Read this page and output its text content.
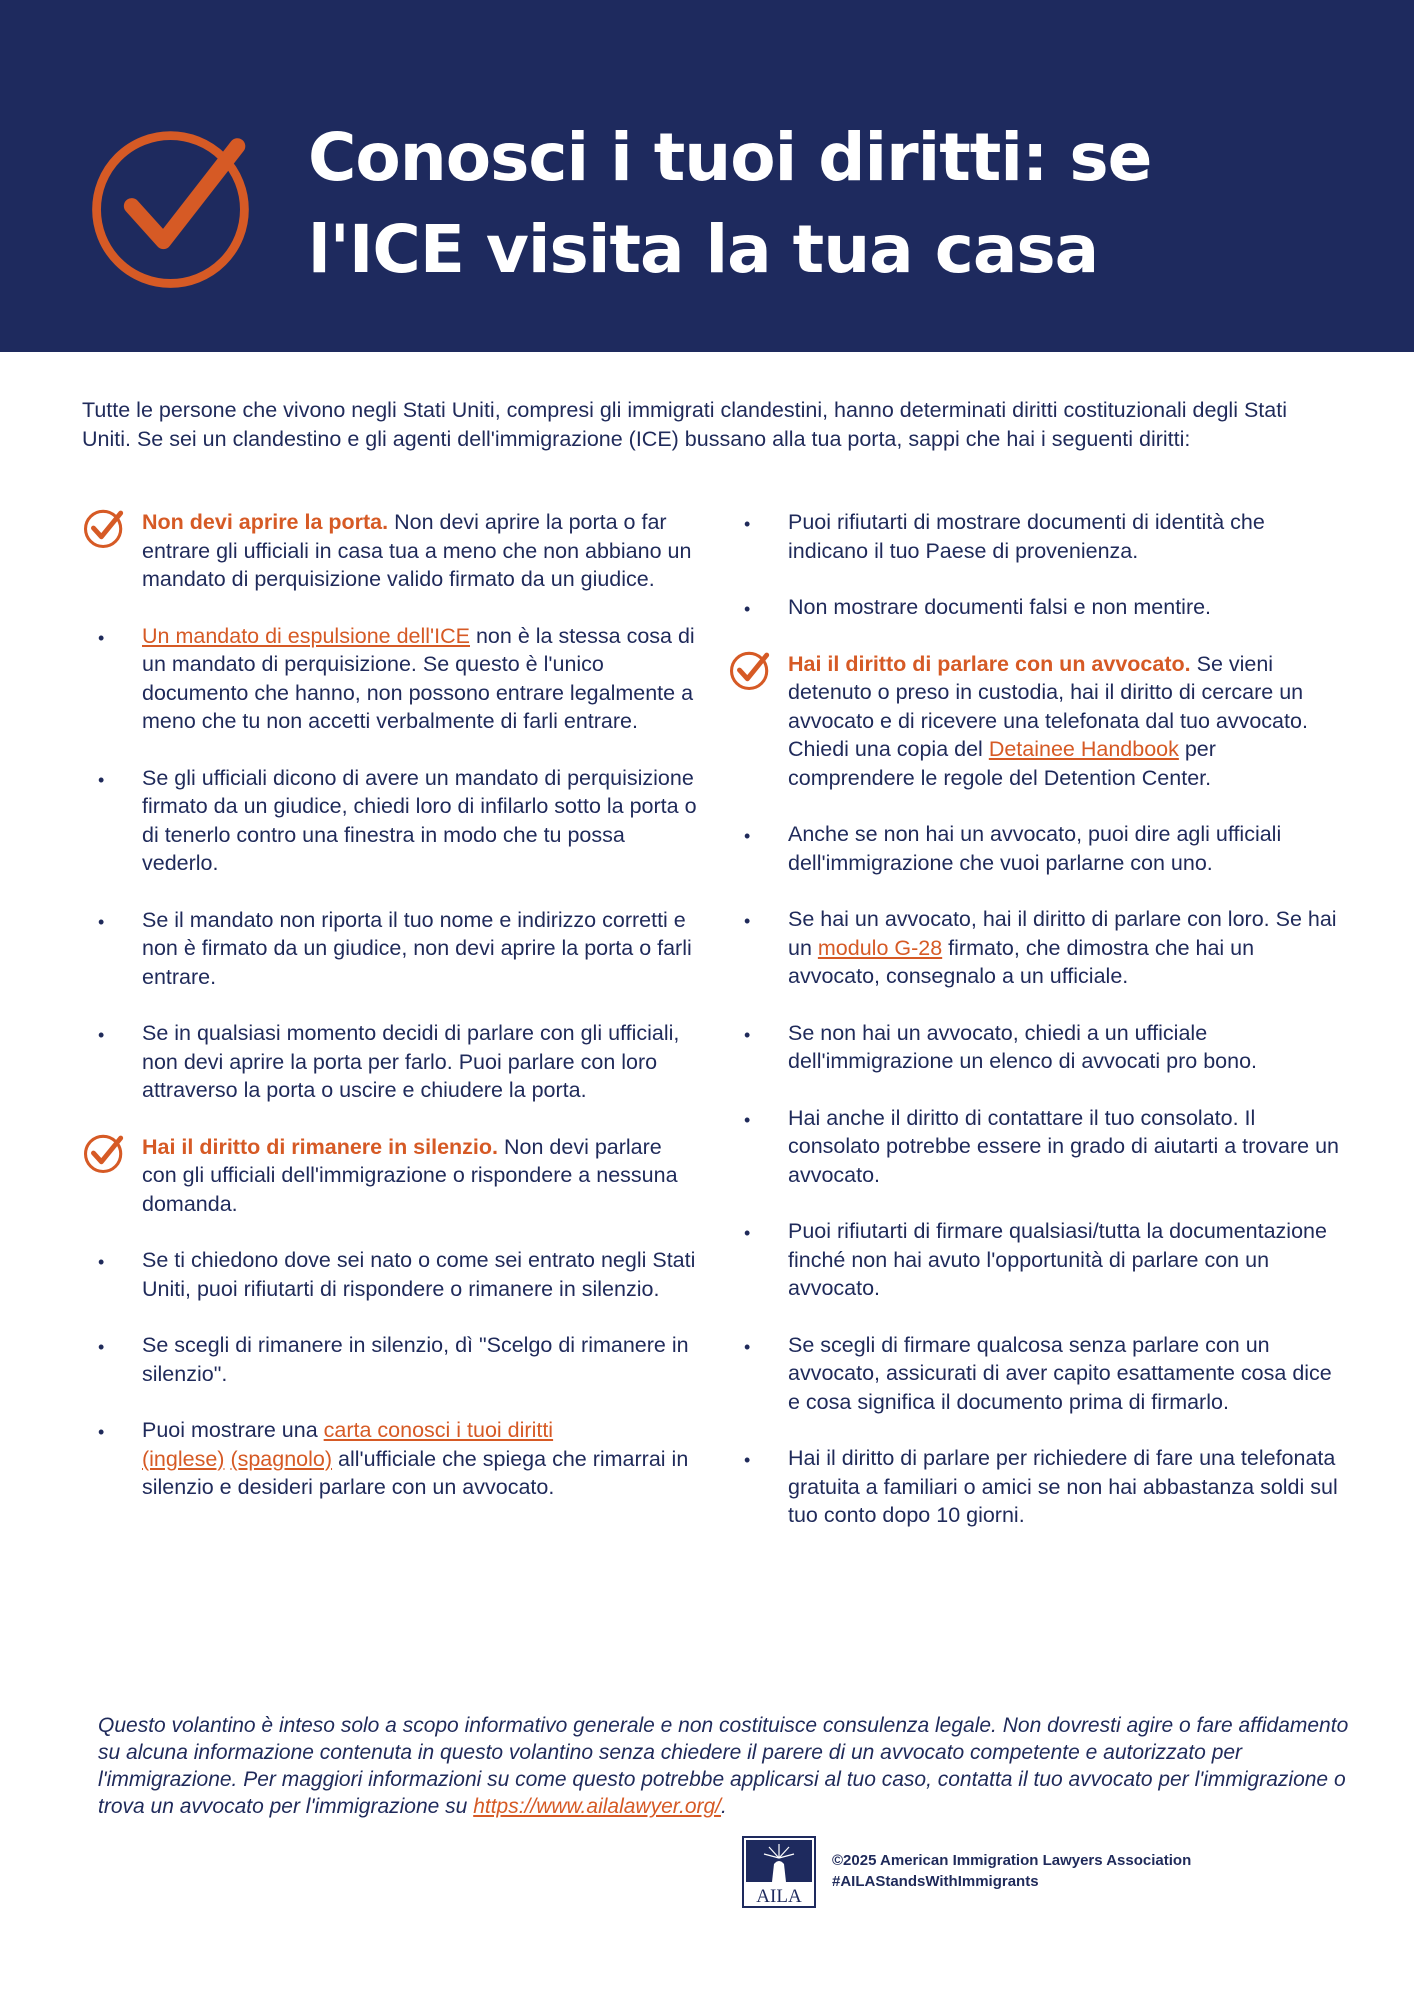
Conosci i tuoi diritti: se
l'ICE visita la tua casa

Tutte le persone che vivono negli Stati Uniti, compresi gli immigrati clandestini, hanno determinati diritti costituzionali degli Stati Uniti. Se sei un clandestino e gli agenti dell'immigrazione (ICE) bussano alla tua porta, sappi che hai i seguenti diritti:

Non devi aprire la porta. Non devi aprire la porta o far entrare gli ufficiali in casa tua a meno che non abbiano un mandato di perquisizione valido firmato da un giudice.
• Un mandato di espulsione dell'ICE non è la stessa cosa di un mandato di perquisizione. Se questo è l'unico documento che hanno, non possono entrare legalmente a meno che tu non accetti verbalmente di farli entrare.
• Se gli ufficiali dicono di avere un mandato di perquisizione firmato da un giudice, chiedi loro di infilarlo sotto la porta o di tenerlo contro una finestra in modo che tu possa vederlo.
• Se il mandato non riporta il tuo nome e indirizzo corretti e non è firmato da un giudice, non devi aprire la porta o farli entrare.
• Se in qualsiasi momento decidi di parlare con gli ufficiali, non devi aprire la porta per farlo. Puoi parlare con loro attraverso la porta o uscire e chiudere la porta.
Hai il diritto di rimanere in silenzio. Non devi parlare con gli ufficiali dell'immigrazione o rispondere a nessuna domanda.
• Se ti chiedono dove sei nato o come sei entrato negli Stati Uniti, puoi rifiutarti di rispondere o rimanere in silenzio.
• Se scegli di rimanere in silenzio, dì "Scelgo di rimanere in silenzio".
• Puoi mostrare una carta conosci i tuoi diritti
(inglese) (spagnolo) all'ufficiale che spiega che rimarrai in silenzio e desideri parlare con un avvocato.
• Puoi rifiutarti di mostrare documenti di identità che indicano il tuo Paese di provenienza.
• Non mostrare documenti falsi e non mentire.
Hai il diritto di parlare con un avvocato. Se vieni detenuto o preso in custodia, hai il diritto di cercare un avvocato e di ricevere una telefonata dal tuo avvocato. Chiedi una copia del Detainee Handbook per comprendere le regole del Detention Center.
• Anche se non hai un avvocato, puoi dire agli ufficiali dell'immigrazione che vuoi parlarne con uno.
• Se hai un avvocato, hai il diritto di parlare con loro. Se hai un modulo G-28 firmato, che dimostra che hai un avvocato, consegnalo a un ufficiale.
• Se non hai un avvocato, chiedi a un ufficiale dell'immigrazione un elenco di avvocati pro bono.
• Hai anche il diritto di contattare il tuo consolato. Il consolato potrebbe essere in grado di aiutarti a trovare un avvocato.
• Puoi rifiutarti di firmare qualsiasi/tutta la documentazione finché non hai avuto l'opportunità di parlare con un avvocato.
• Se scegli di firmare qualcosa senza parlare con un avvocato, assicurati di aver capito esattamente cosa dice e cosa significa il documento prima di firmarlo.
• Hai il diritto di parlare per richiedere di fare una telefonata gratuita a familiari o amici se non hai abbastanza soldi sul tuo conto dopo 10 giorni.

Questo volantino è inteso solo a scopo informativo generale e non costituisce consulenza legale. Non dovresti agire o fare affidamento su alcuna informazione contenuta in questo volantino senza chiedere il parere di un avvocato competente e autorizzato per l'immigrazione. Per maggiori informazioni su come questo potrebbe applicarsi al tuo caso, contatta il tuo avvocato per l'immigrazione o trova un avvocato per l'immigrazione su https://www.ailalawyer.org/.

AILA
©2025 American Immigration Lawyers Association
#AILAStandsWithImmigrants
